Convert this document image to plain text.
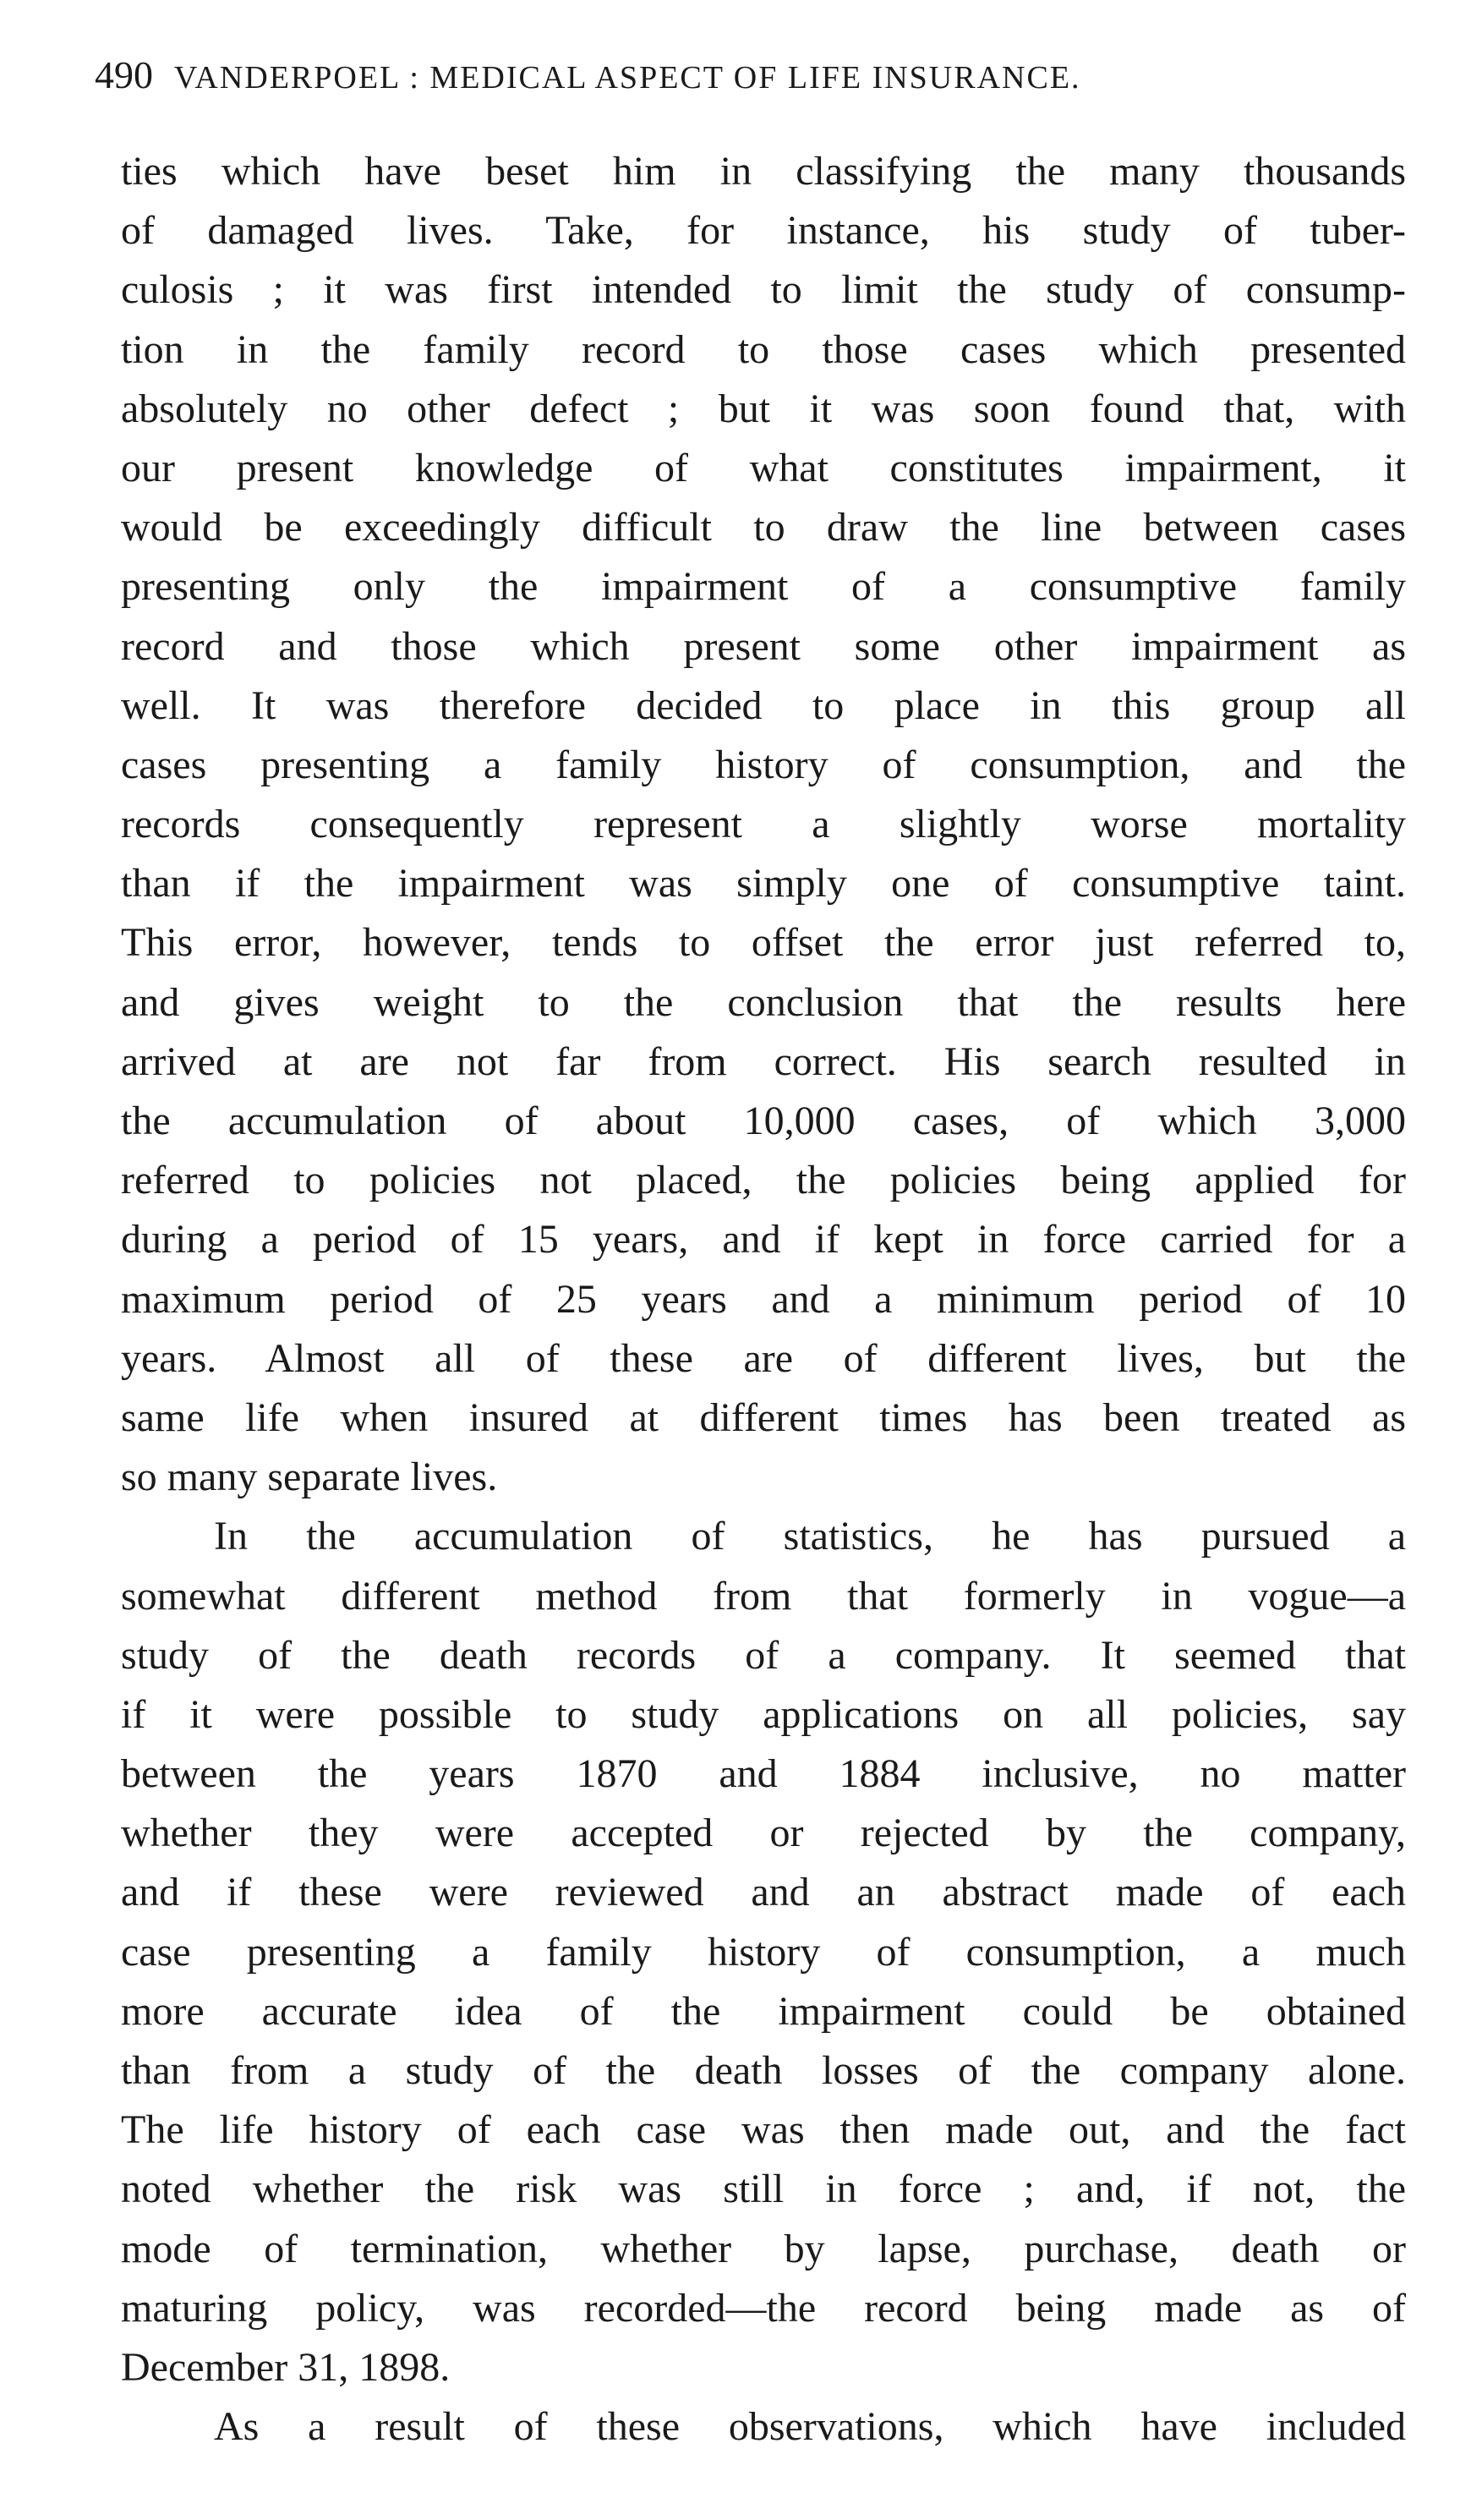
490 VANDERPOEL : MEDICAL ASPECT OF LIFE INSURANCE.
ties which have beset him in classifying the many thousands
of damaged lives. Take, for instance, his study of tuber-
culosis ; it was first intended to limit the study of consump-
tion in the family record to those cases which presented
absolutely no other defect ; but it was soon found that, with
our present knowledge of what constitutes impairment, it
would be exceedingly difficult to draw the line between cases
presenting only the impairment of a consumptive family
record and those which present some other impairment as
well. It was therefore decided to place in this group all
cases presenting a family history of consumption, and the
records consequently represent a slightly worse mortality
than if the impairment was simply one of consumptive taint.
This error, however, tends to offset the error just referred to,
and gives weight to the conclusion that the results here
arrived at are not far from correct. His search resulted in
the accumulation of about 10,000 cases, of which 3,000
referred to policies not placed, the policies being applied for
during a period of 15 years, and if kept in force carried for a
maximum period of 25 years and a minimum period of 10
years. Almost all of these are of different lives, but the
same life when insured at different times has been treated as
so many separate lives.
In the accumulation of statistics, he has pursued a
somewhat different method from that formerly in vogue—a
study of the death records of a company. It seemed that
if it were possible to study applications on all policies, say
between the years 1870 and 1884 inclusive, no matter
whether they were accepted or rejected by the company,
and if these were reviewed and an abstract made of each
case presenting a family history of consumption, a much
more accurate idea of the impairment could be obtained
than from a study of the death losses of the company alone.
The life history of each case was then made out, and the fact
noted whether the risk was still in force ; and, if not, the
mode of termination, whether by lapse, purchase, death or
maturing policy, was recorded—the record being made as of
December 31, 1898.
As a result of these observations, which have included
